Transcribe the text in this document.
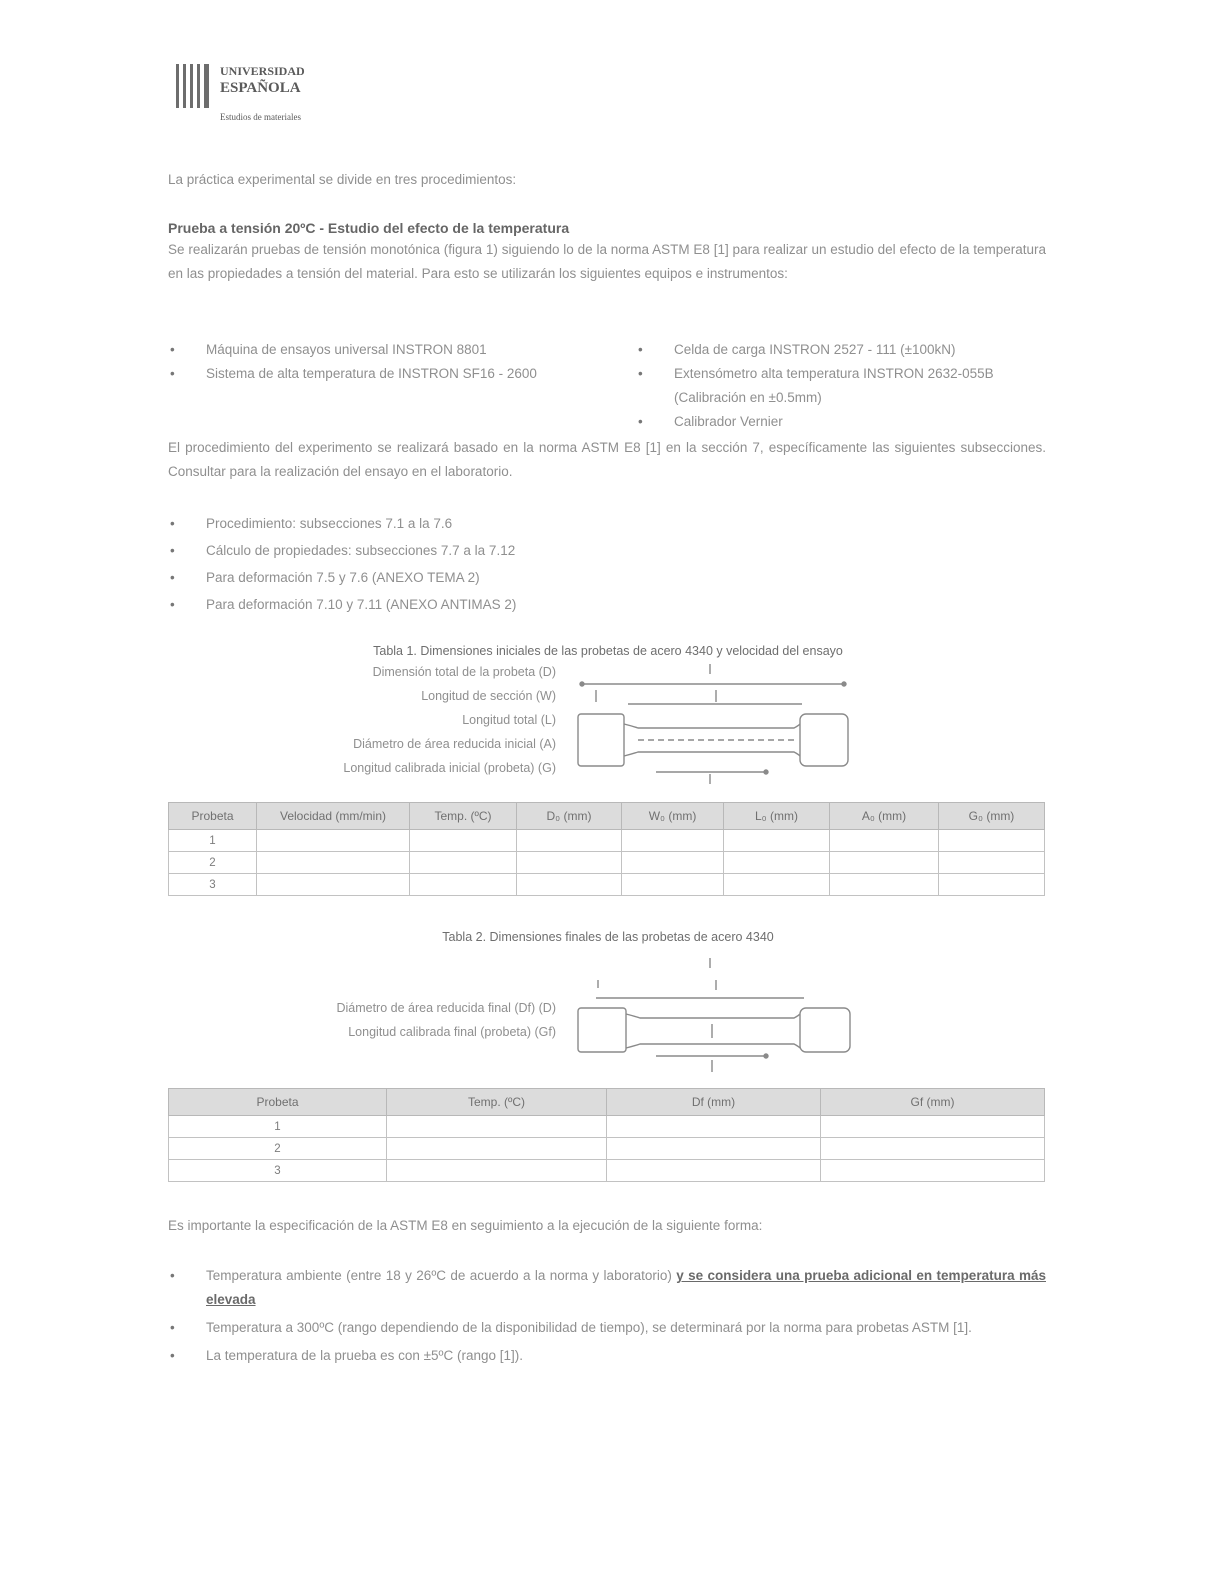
UNIVERSIDAD
ESPAÑOLA
Estudios de materiales

La práctica experimental se divide en tres procedimientos:

Prueba a tensión 20ºC - Estudio del efecto de la temperatura

Se realizarán pruebas de tensión monotónica (figura 1) siguiendo lo de la norma ASTM E8 [1] para realizar un estudio del efecto de la temperatura en las propiedades a tensión del material. Para esto se utilizarán los siguientes equipos e instrumentos:

• Máquina de ensayos universal INSTRON 8801
• Sistema de alta temperatura de INSTRON SF16 - 2600
• Celda de carga INSTRON 2527 - 111 (±100kN)
• Extensómetro alta temperatura INSTRON 2632-055B (Calibración en ±0.5mm)
• Calibrador Vernier

El procedimiento del experimento se realizará basado en la norma ASTM E8 [1] en la sección 7, específicamente las siguientes subsecciones. Consultar para la realización del ensayo en el laboratorio.

• Procedimiento: subsecciones 7.1 a la 7.6
• Cálculo de propiedades: subsecciones 7.7 a la 7.12
• Para deformación 7.5 y 7.6 (ANEXO TEMA 2)
• Para deformación 7.10 y 7.11 (ANEXO ANTIMAS 2)
Tabla 1. Dimensiones iniciales de las probetas de acero 4340 y velocidad del ensayo
Dimensión total de la probeta (D)
Longitud de sección (W)
Longitud total (L)
Diámetro de área reducida inicial (A)
Longitud calibrada inicial (probeta) (G)
Probeta	Velocidad (mm/min)	Temp. (ºC)	D₀ (mm)	W₀ (mm)	L₀ (mm)	A₀ (mm)	G₀ (mm)
1							
2							
3							
Tabla 2. Dimensiones finales de las probetas de acero 4340
Diámetro de área reducida final (Df) (D)
Longitud calibrada final (probeta) (Gf)
Probeta	Temp. (ºC)	Df (mm)	Gf (mm)
1			
2			
3			

Es importante la especificación de la ASTM E8 en seguimiento a la ejecución de la siguiente forma:

• Temperatura ambiente (entre 18 y 26ºC de acuerdo a la norma y laboratorio) y se considera una prueba adicional en temperatura más elevada
• Temperatura a 300ºC (rango dependiendo de la disponibilidad de tiempo), se determinará por la norma para probetas ASTM [1].
• La temperatura de la prueba es con ±5ºC (rango [1]).
